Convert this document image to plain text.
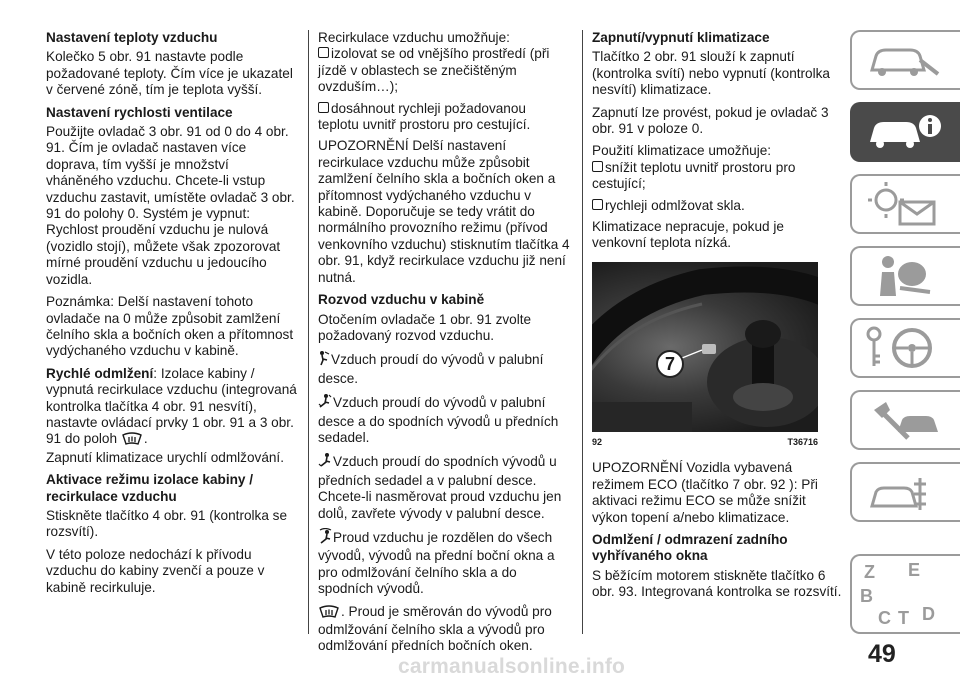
Nastavení teploty vzduchu

Kolečko 5 obr. 91 nastavte podle požadované teploty. Čím více je ukazatel v červené zóně, tím je teplota vyšší.

Nastavení rychlosti ventilace

Použijte ovladač 3 obr. 91 od 0 do 4 obr. 91. Čím je ovladač nastaven více doprava, tím vyšší je množství vháněného vzduchu. Chcete-li vstup vzduchu zastavit, umístěte ovladač 3 obr. 91 do polohy 0. Systém je vypnut: Rychlost proudění vzduchu je nulová (vozidlo stojí), můžete však zpozorovat mírné proudění vzduchu u jedoucího vozidla.

Poznámka: Delší nastavení tohoto ovladače na 0 může způsobit zamlžení čelního skla a bočních oken a přítomnost vydýchaného vzduchu v kabině.

Rychlé odmlžení: Izolace kabiny / vypnutá recirkulace vzduchu (integrovaná kontrolka tlačítka 4 obr. 91 nesvítí), nastavte ovládací prvky 1 obr. 91 a 3 obr. 91 do poloh .
Zapnutí klimatizace urychlí odmlžování.

Aktivace režimu izolace kabiny / recirkulace vzduchu

Stiskněte tlačítko 4 obr. 91 (kontrolka se rozsvítí).

V této poloze nedochází k přívodu vzduchu do kabiny zvenčí a pouze v kabině recirkuluje.

Recirkulace vzduchu umožňuje:

izolovat se od vnějšího prostředí (při jízdě v oblastech se znečištěným ovzduším…);

dosáhnout rychleji požadovanou teplotu uvnitř prostoru pro cestující.

UPOZORNĚNÍ Delší nastavení recirkulace vzduchu může způsobit zamlžení čelního skla a bočních oken a přítomnost vydýchaného vzduchu v kabině. Doporučuje se tedy vrátit do normálního provozního režimu (přívod venkovního vzduchu) stisknutím tlačítka 4 obr. 91, když recirkulace vzduchu již není nutná.

Rozvod vzduchu v kabině

Otočením ovladače 1 obr. 91 zvolte požadovaný rozvod vzduchu.

Vzduch proudí do vývodů v palubní desce.

Vzduch proudí do vývodů v palubní desce a do spodních vývodů u předních sedadel.

Vzduch proudí do spodních vývodů u předních sedadel a v palubní desce. Chcete-li nasměrovat proud vzduchu jen dolů, zavřete vývody v palubní desce.

Proud vzduchu je rozdělen do všech vývodů, vývodů na přední boční okna a pro odmlžování čelního skla a do spodních vývodů.

. Proud je směrován do vývodů pro odmlžování čelního skla a vývodů pro odmlžování předních bočních oken.

Zapnutí/vypnutí klimatizace

Tlačítko 2 obr. 91 slouží k zapnutí (kontrolka svítí) nebo vypnutí (kontrolka nesvítí) klimatizace.

Zapnutí lze provést, pokud je ovladač 3 obr. 91 v poloze 0.

Použití klimatizace umožňuje:

snížit teplotu uvnitř prostoru pro cestující;

rychleji odmlžovat skla.

Klimatizace nepracuje, pokud je venkovní teplota nízká.

7
92	T36716

UPOZORNĚNÍ Vozidla vybavená režimem ECO (tlačítko 7 obr. 92 ): Při aktivaci režimu ECO se může snížit výkon topení a/nebo klimatizace.

Odmlžení / odmrazení zadního vyhřívaného okna

S běžícím motorem stiskněte tlačítko 6 obr. 93. Integrovaná kontrolka se rozsvítí.

Z E
B
C T D
49
carmanualsonline.info
